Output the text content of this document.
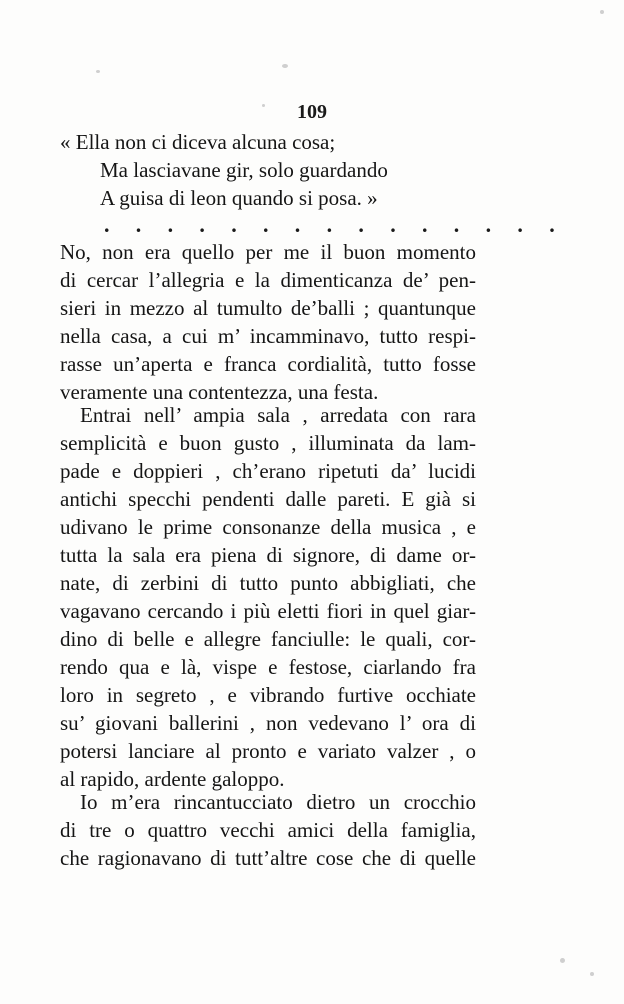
109
« Ella non ci diceva alcuna cosa;
Ma lasciavane gir, solo guardando
A guisa di leon quando si posa. »
. . . . . . . . . . . . . . .
No, non era quello per me il buon momento
di cercar l’allegria e la dimenticanza de’ pen-
sieri in mezzo al tumulto de’balli ; quantunque
nella casa, a cui m’ incamminavo, tutto respi-
rasse un’aperta e franca cordialità, tutto fosse
veramente una contentezza, una festa.
Entrai nell’ ampia sala , arredata con rara
semplicità e buon gusto , illuminata da lam-
pade e doppieri , ch’erano ripetuti da’ lucidi
antichi specchi pendenti dalle pareti. E già si
udivano le prime consonanze della musica , e
tutta la sala era piena di signore, di dame or-
nate, di zerbini di tutto punto abbigliati, che
vagavano cercando i più eletti fiori in quel giar-
dino di belle e allegre fanciulle: le quali, cor-
rendo qua e là, vispe e festose, ciarlando fra
loro in segreto , e vibrando furtive occhiate
su’ giovani ballerini , non vedevano l’ ora di
potersi lanciare al pronto e variato valzer , o
al rapido, ardente galoppo.
Io m’era rincantucciato dietro un crocchio
di tre o quattro vecchi amici della famiglia,
che ragionavano di tutt’altre cose che di quelle
